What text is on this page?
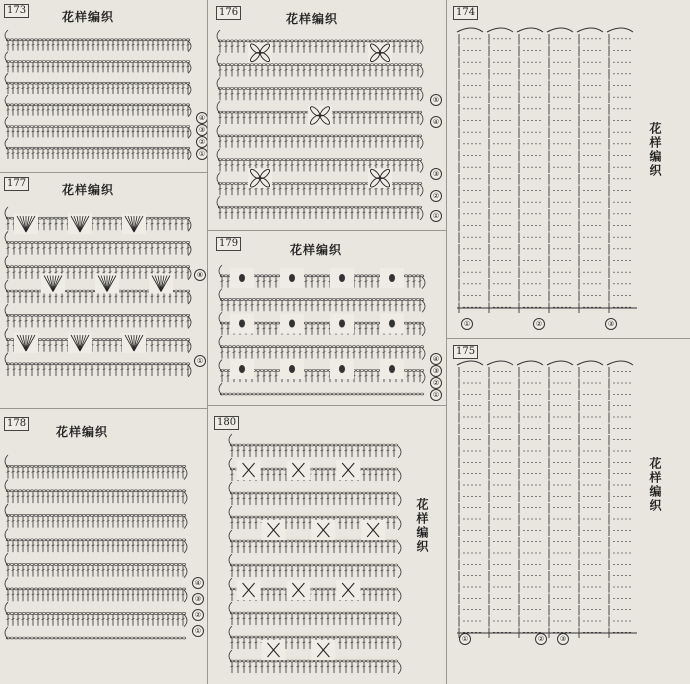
173	花样编织
④
③
②
①
176	花样编织
⑤
④
③
②
①
174
花样编织
①	②	③
177	花样编织
⑧
①
179	花样编织
④
③
②
①
175
花样编织
①	②	③
178
花样编织
④
③
②
①
180
花样编织
